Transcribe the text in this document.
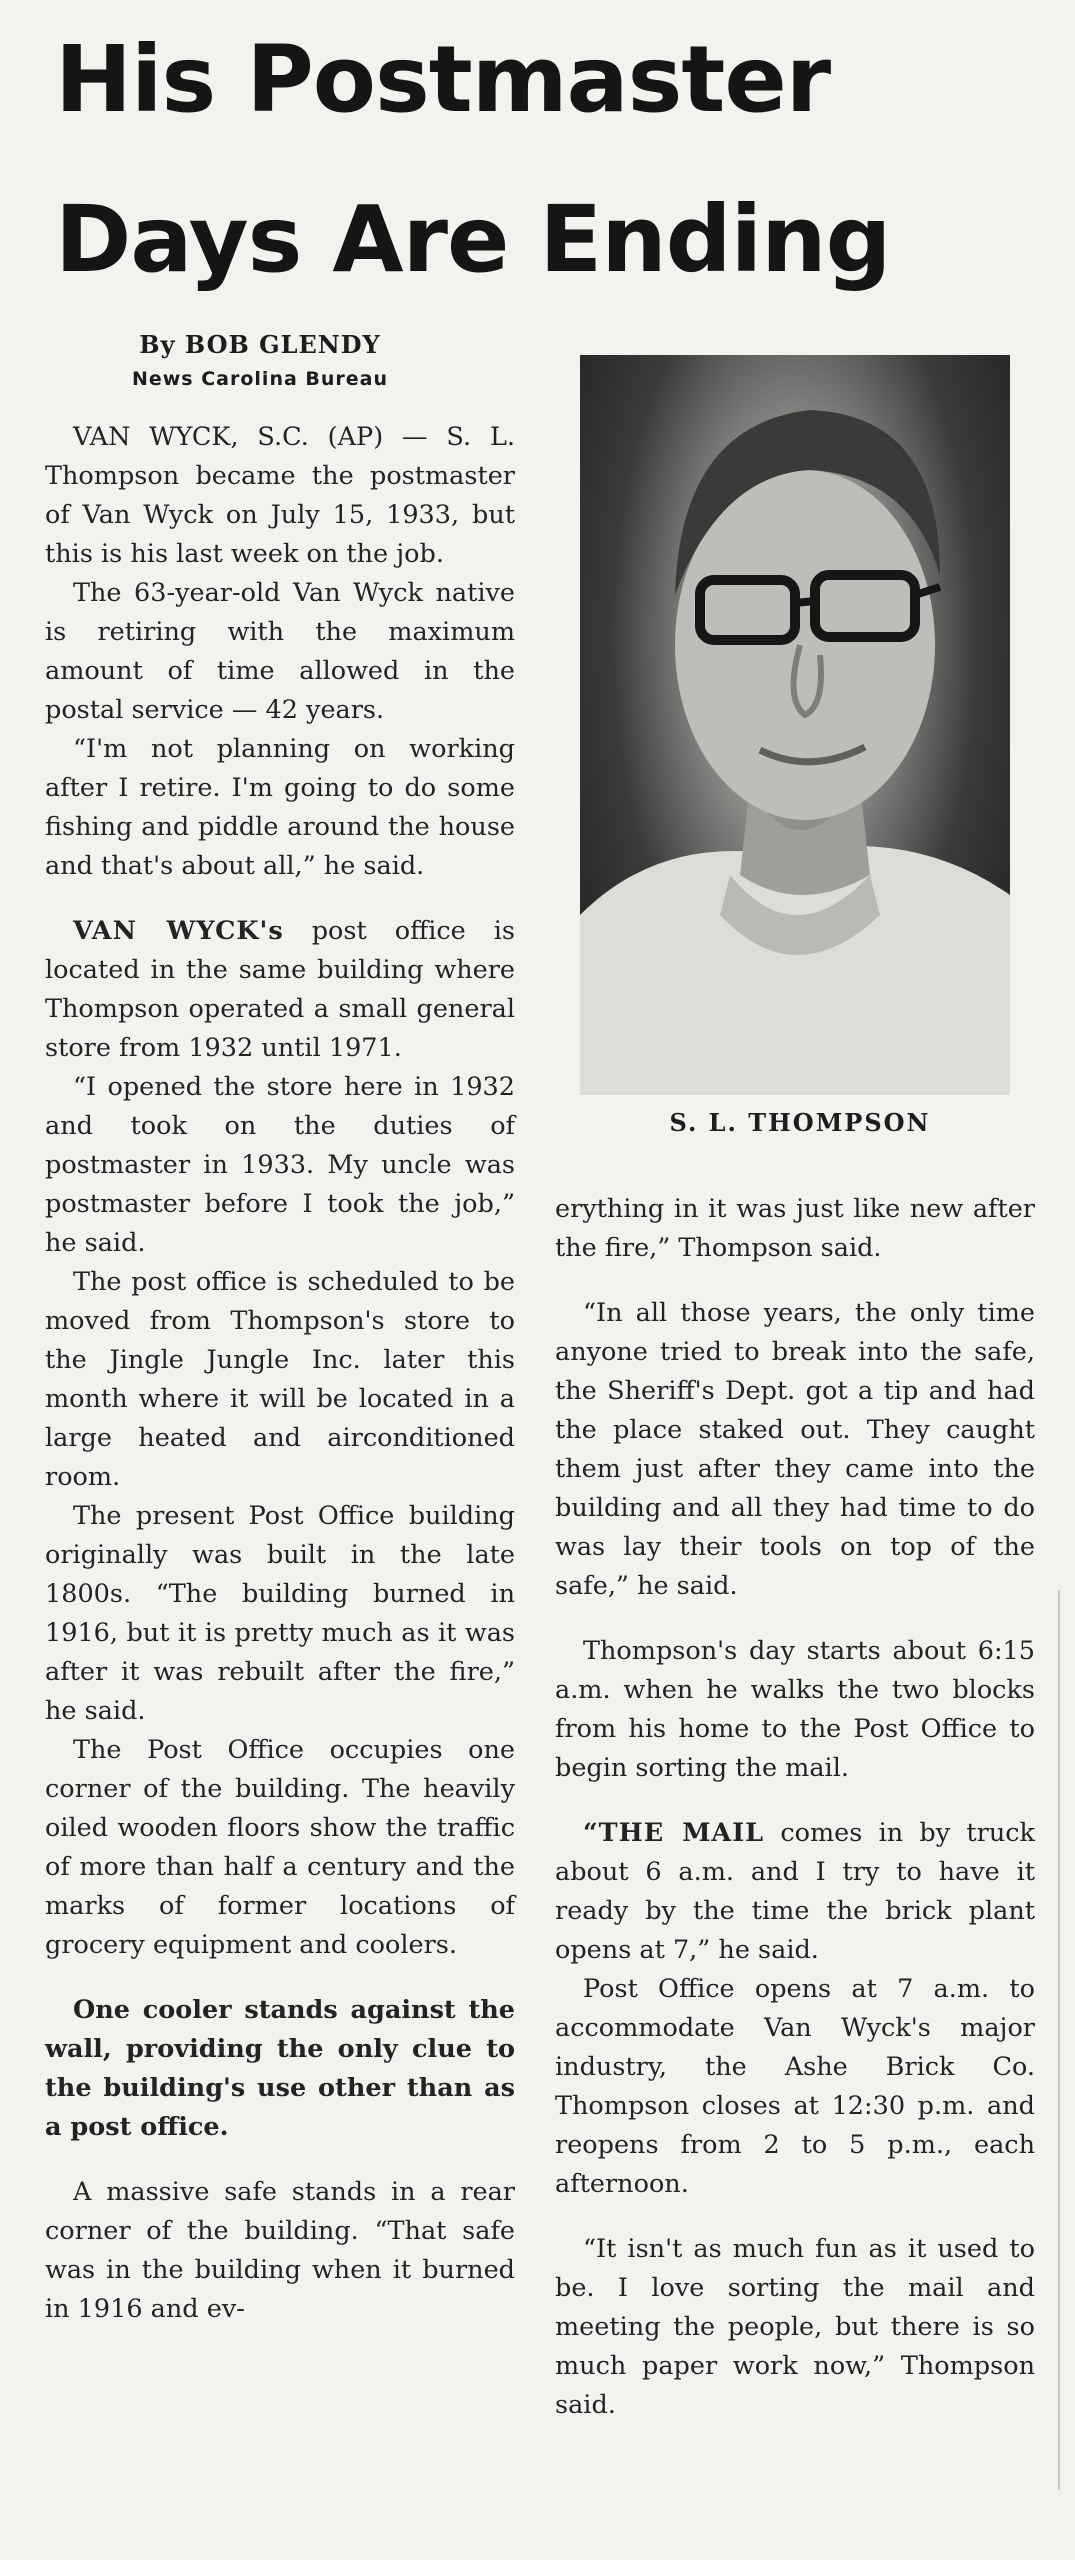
His Postmaster
Days Are Ending
By BOB GLENDY
News Carolina Bureau
S. L. THOMPSON

VAN WYCK, S.C. (AP) — S. L. Thompson became the postmaster of Van Wyck on July 15, 1933, but this is his last week on the job.

The 63-year-old Van Wyck native is retiring with the maximum amount of time allowed in the postal service — 42 years.

“I'm not planning on working after I retire. I'm going to do some fishing and piddle around the house and that's about all,” he said.

VAN WYCK's post office is located in the same building where Thompson operated a small general store from 1932 until 1971.

“I opened the store here in 1932 and took on the duties of postmaster in 1933. My uncle was postmaster before I took the job,” he said.

The post office is scheduled to be moved from Thompson's store to the Jingle Jungle Inc. later this month where it will be located in a large heated and airconditioned room.

The present Post Office building originally was built in the late 1800s. “The building burned in 1916, but it is pretty much as it was after it was rebuilt after the fire,” he said.

The Post Office occupies one corner of the building. The heavily oiled wooden floors show the traffic of more than half a century and the marks of former locations of grocery equipment and coolers.

One cooler stands against the wall, providing the only clue to the building's use other than as a post office.

A massive safe stands in a rear corner of the building. “That safe was in the building when it burned in 1916 and ev-

erything in it was just like new after the fire,” Thompson said.

“In all those years, the only time anyone tried to break into the safe, the Sheriff's Dept. got a tip and had the place staked out. They caught them just after they came into the building and all they had time to do was lay their tools on top of the safe,” he said.

Thompson's day starts about 6:15 a.m. when he walks the two blocks from his home to the Post Office to begin sorting the mail.

“THE MAIL comes in by truck about 6 a.m. and I try to have it ready by the time the brick plant opens at 7,” he said.

Post Office opens at 7 a.m. to accommodate Van Wyck's major industry, the Ashe Brick Co. Thompson closes at 12:30 p.m. and reopens from 2 to 5 p.m., each afternoon.

“It isn't as much fun as it used to be. I love sorting the mail and meeting the people, but there is so much paper work now,” Thompson said.
